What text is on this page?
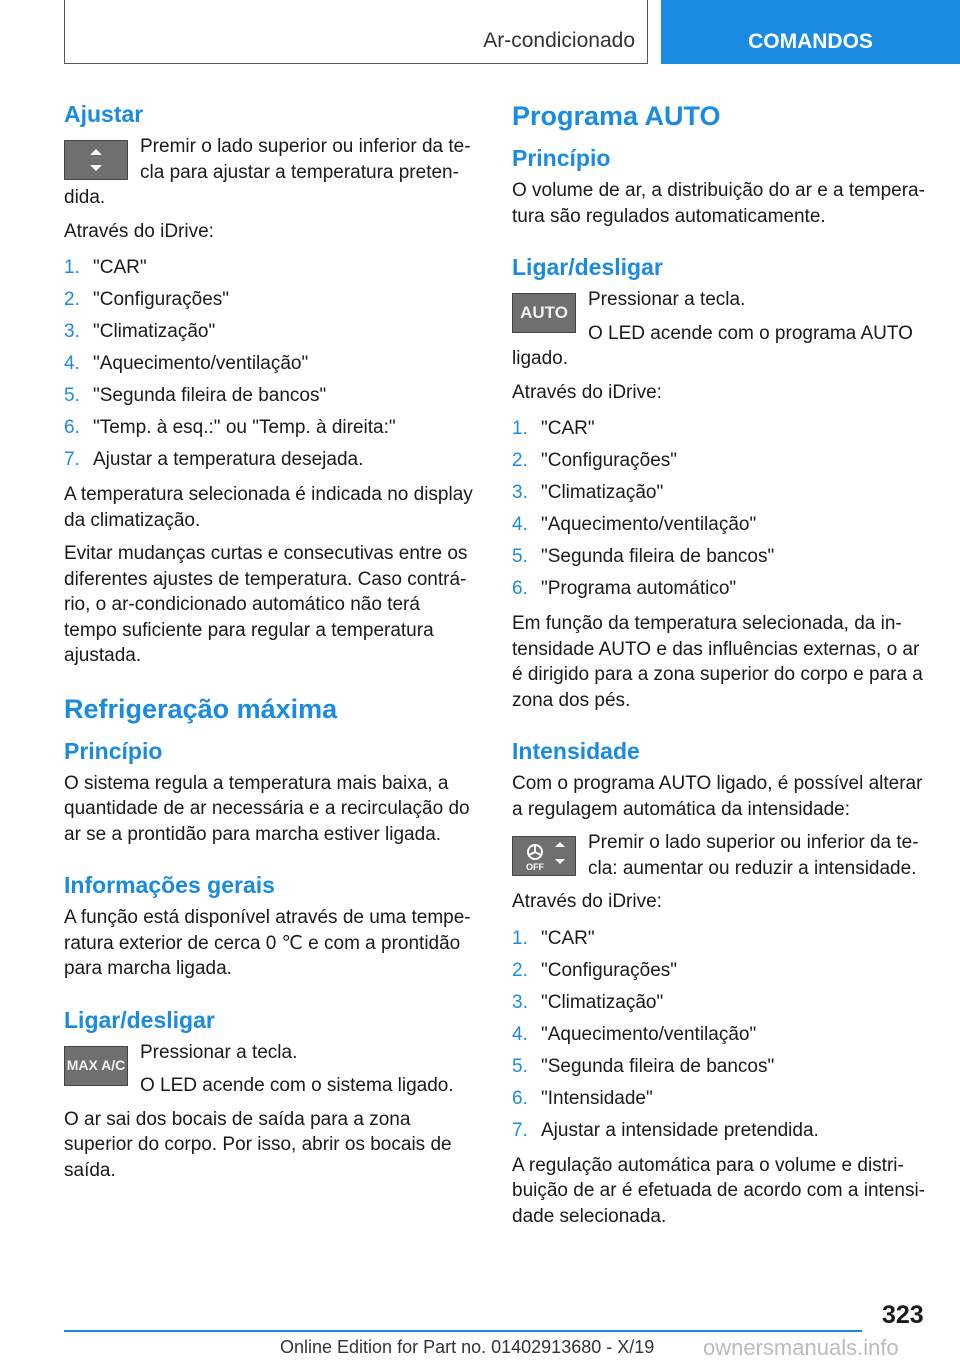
Ar-condicionado	COMANDOS
Ajustar

Premir o lado superior ou inferior da te-cla para ajustar a temperatura preten-dida.

Através do iDrive:

1. "CAR"
2. "Configurações"
3. "Climatização"
4. "Aquecimento/ventilação"
5. "Segunda fileira de bancos"
6. "Temp. à esq.:" ou "Temp. à direita:"
7. Ajustar a temperatura desejada.

A temperatura selecionada é indicada no display da climatização.

Evitar mudanças curtas e consecutivas entre os diferentes ajustes de temperatura. Caso contrá-rio, o ar-condicionado automático não terá tempo suficiente para regular a temperatura ajustada.

Refrigeração máxima
Princípio

O sistema regula a temperatura mais baixa, a quantidade de ar necessária e a recirculação do ar se a prontidão para marcha estiver ligada.

Informações gerais

A função está disponível através de uma tempe-ratura exterior de cerca 0 ℃ e com a prontidão para marcha ligada.

Ligar/desligar
MAX A/C

Pressionar a tecla.

O LED acende com o sistema ligado.

O ar sai dos bocais de saída para a zona superior do corpo. Por isso, abrir os bocais de saída.

Programa AUTO
Princípio

O volume de ar, a distribuição do ar e a tempera-tura são regulados automaticamente.

Ligar/desligar
AUTO

Pressionar a tecla.

O LED acende com o programa AUTO ligado.

Através do iDrive:

1. "CAR"
2. "Configurações"
3. "Climatização"
4. "Aquecimento/ventilação"
5. "Segunda fileira de bancos"
6. "Programa automático"

Em função da temperatura selecionada, da in-tensidade AUTO e das influências externas, o ar é dirigido para a zona superior do corpo e para a zona dos pés.

Intensidade

Com o programa AUTO ligado, é possível alterar a regulagem automática da intensidade:

OFF

Premir o lado superior ou inferior da te-cla: aumentar ou reduzir a intensidade.

Através do iDrive:

1. "CAR"
2. "Configurações"
3. "Climatização"
4. "Aquecimento/ventilação"
5. "Segunda fileira de bancos"
6. "Intensidade"
7. Ajustar a intensidade pretendida.

A regulação automática para o volume e distri-buição de ar é efetuada de acordo com a intensi-dade selecionada.

323
Online Edition for Part no. 01402913680 - X/19 ownersmanuals.info
